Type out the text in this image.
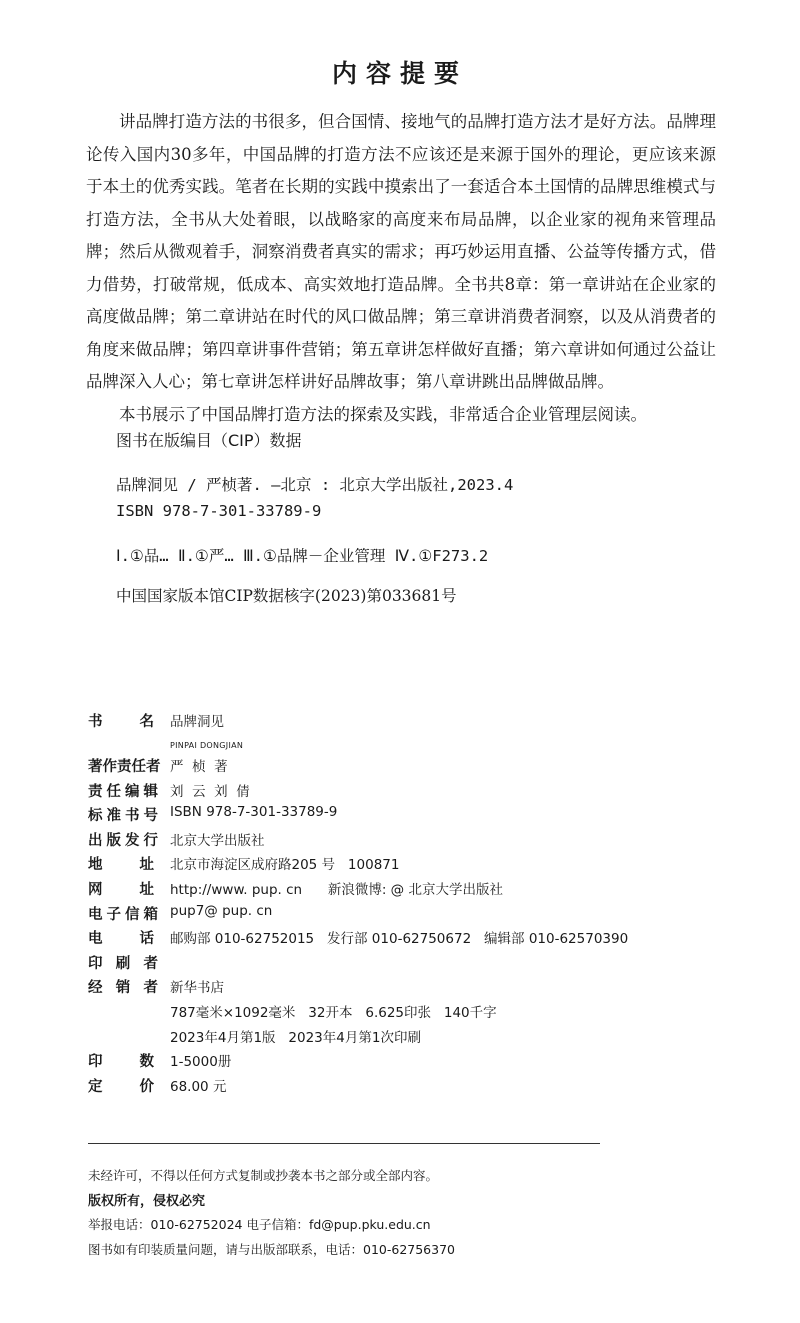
内容提要

讲品牌打造方法的书很多，但合国情、接地气的品牌打造方法才是好方法。品牌理论传入国内30多年，中国品牌的打造方法不应该还是来源于国外的理论，更应该来源于本土的优秀实践。笔者在长期的实践中摸索出了一套适合本土国情的品牌思维模式与打造方法，全书从大处着眼，以战略家的高度来布局品牌，以企业家的视角来管理品牌；然后从微观着手，洞察消费者真实的需求；再巧妙运用直播、公益等传播方式，借力借势，打破常规，低成本、高实效地打造品牌。全书共8章：第一章讲站在企业家的高度做品牌；第二章讲站在时代的风口做品牌；第三章讲消费者洞察，以及从消费者的角度来做品牌；第四章讲事件营销；第五章讲怎样做好直播；第六章讲如何通过公益让品牌深入人心；第七章讲怎样讲好品牌故事；第八章讲跳出品牌做品牌。

本书展示了中国品牌打造方法的探索及实践，非常适合企业管理层阅读。

图书在版编目（CIP）数据
品牌洞见 / 严桢著. —北京 : 北京大学出版社,2023.4
ISBN 978-7-301-33789-9
Ⅰ.①品… Ⅱ.①严… Ⅲ.①品牌－企业管理 Ⅳ.①F273.2
中国国家版本馆CIP数据核字(2023)第033681号
PINPAI DONGJIAN
书	名 品牌洞见
著 作 责 任 者 严  桢  著
责 任 编 辑 刘  云  刘  倩
标 准 书 号 ISBN 978-7-301-33789-9
出 版 发 行 北京大学出版社
地	址 北京市海淀区成府路205 号   100871
网	址 http://www. pup. cn      新浪微博: @ 北京大学出版社
电 子 信 箱 pup7@ pup. cn
电	话 邮购部 010-62752015   发行部 010-62750672   编辑部 010-62570390
印 刷 者
经 销 者 新华书店
787毫米×1092毫米   32开本   6.625印张   140千字
2023年4月第1版   2023年4月第1次印刷
印	数 1-5000册
定	价 68.00 元
未经许可，不得以任何方式复制或抄袭本书之部分或全部内容。
版权所有，侵权必究
举报电话：010-62752024 电子信箱：fd@pup.pku.edu.cn
图书如有印装质量问题，请与出版部联系，电话：010-62756370
